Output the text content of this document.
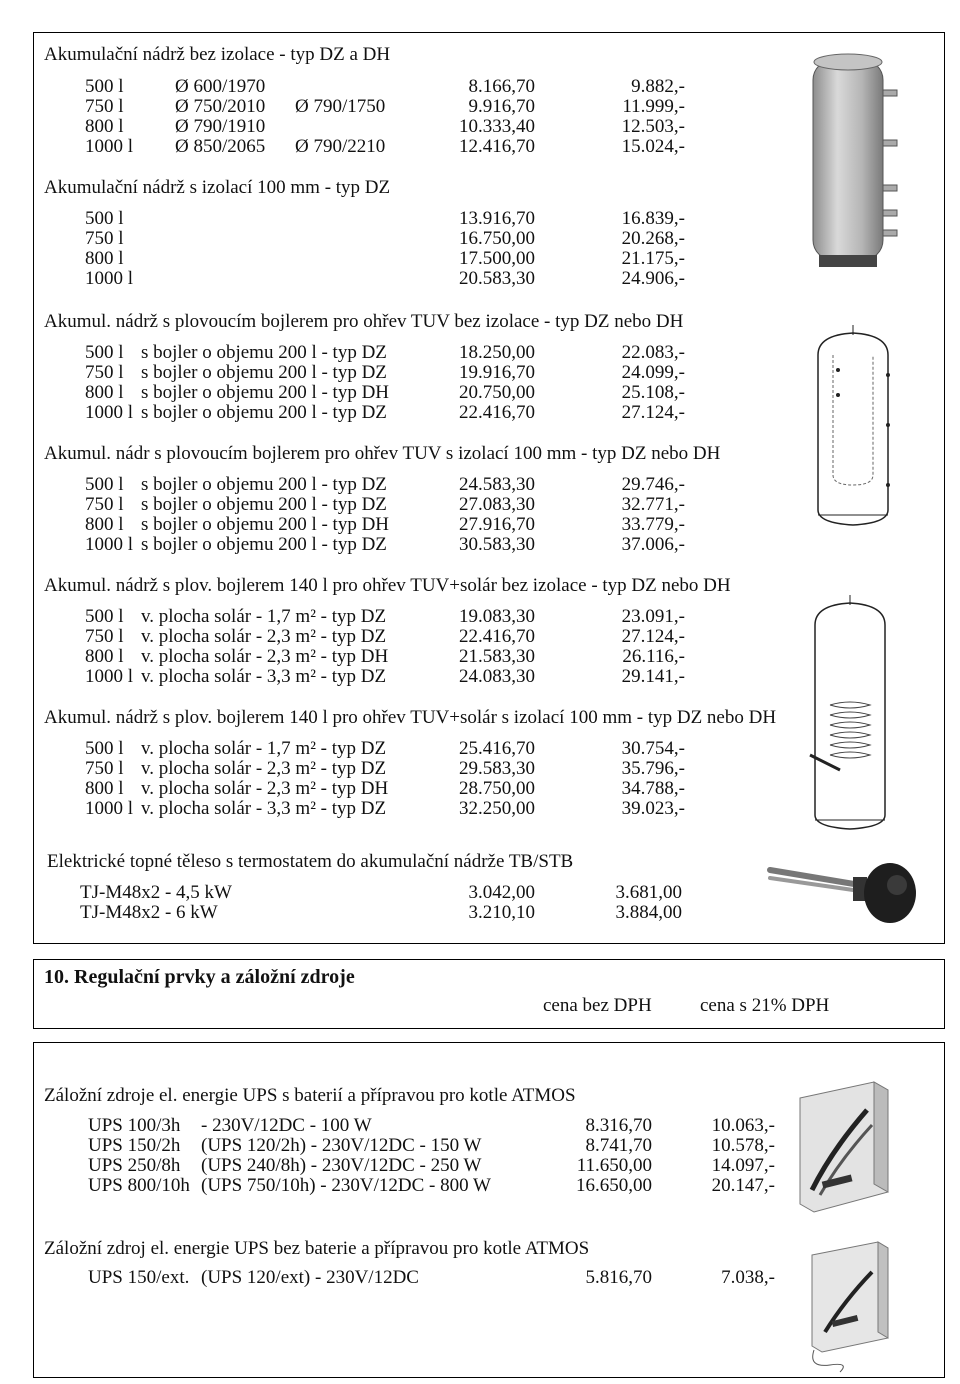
Akumulační nádrž bez izolace - typ DZ a DH
500 l	Ø 600/1970	8.166,70	9.882,-
750 l	Ø 750/2010 Ø 790/1750	9.916,70	11.999,-
800 l	Ø 790/1910	10.333,40	12.503,-
1000 l Ø 850/2065 Ø 790/2210	12.416,70	15.024,-
Akumulační nádrž s izolací 100 mm - typ DZ
500 l	13.916,70	16.839,-
750 l	16.750,00	20.268,-
800 l	17.500,00	21.175,-
1000 l	20.583,30	24.906,-
Akumul. nádrž s plovoucím bojlerem pro ohřev TUV bez izolace - typ DZ nebo DH
500 l s bojler o objemu 200 l - typ DZ	18.250,00	22.083,-
750 l s bojler o objemu 200 l - typ DZ	19.916,70	24.099,-
800 l s bojler o objemu 200 l - typ DH	20.750,00	25.108,-
1000 l s bojler o objemu 200 l - typ DZ	22.416,70	27.124,-
Akumul. nádr s plovoucím bojlerem pro ohřev TUV s izolací 100 mm - typ DZ nebo DH
500 l s bojler o objemu 200 l - typ DZ	24.583,30	29.746,-
750 l s bojler o objemu 200 l - typ DZ	27.083,30	32.771,-
800 l s bojler o objemu 200 l - typ DH	27.916,70	33.779,-
1000 l s bojler o objemu 200 l - typ DZ	30.583,30	37.006,-
Akumul. nádrž s plov. bojlerem 140 l pro ohřev TUV+solár bez izolace - typ DZ nebo DH
500 l v. plocha solár - 1,7 m² - typ DZ	19.083,30	23.091,-
750 l v. plocha solár - 2,3 m² - typ DZ	22.416,70	27.124,-
800 l v. plocha solár - 2,3 m² - typ DH	21.583,30	26.116,-
1000 l v. plocha solár - 3,3 m² - typ DZ	24.083,30	29.141,-
Akumul. nádrž s plov. bojlerem 140 l pro ohřev TUV+solár s izolací 100 mm - typ DZ nebo DH
500 l v. plocha solár - 1,7 m² - typ DZ	25.416,70	30.754,-
750 l v. plocha solár - 2,3 m² - typ DZ	29.583,30	35.796,-
800 l v. plocha solár - 2,3 m² - typ DH	28.750,00	34.788,-
1000 l v. plocha solár - 3,3 m² - typ DZ	32.250,00	39.023,-
Elektrické topné těleso s termostatem do akumulační nádrže TB/STB
TJ-M48x2 - 4,5 kW	3.042,00	3.681,00
TJ-M48x2 - 6 kW	3.210,10	3.884,00
10. Regulační prvky a záložní zdroje
cena bez DPH	cena s 21% DPH
Záložní zdroje el. energie UPS s baterií a přípravou pro kotle ATMOS
UPS 100/3h - 230V/12DC - 100 W	8.316,70	10.063,-
UPS 150/2h (UPS 120/2h) - 230V/12DC - 150 W	8.741,70	10.578,-
UPS 250/8h (UPS 240/8h) - 230V/12DC - 250 W	11.650,00	14.097,-
UPS 800/10h (UPS 750/10h) - 230V/12DC - 800 W	16.650,00	20.147,-
Záložní zdroj el. energie UPS bez baterie a přípravou pro kotle ATMOS
UPS 150/ext. (UPS 120/ext) - 230V/12DC	5.816,70	7.038,-
